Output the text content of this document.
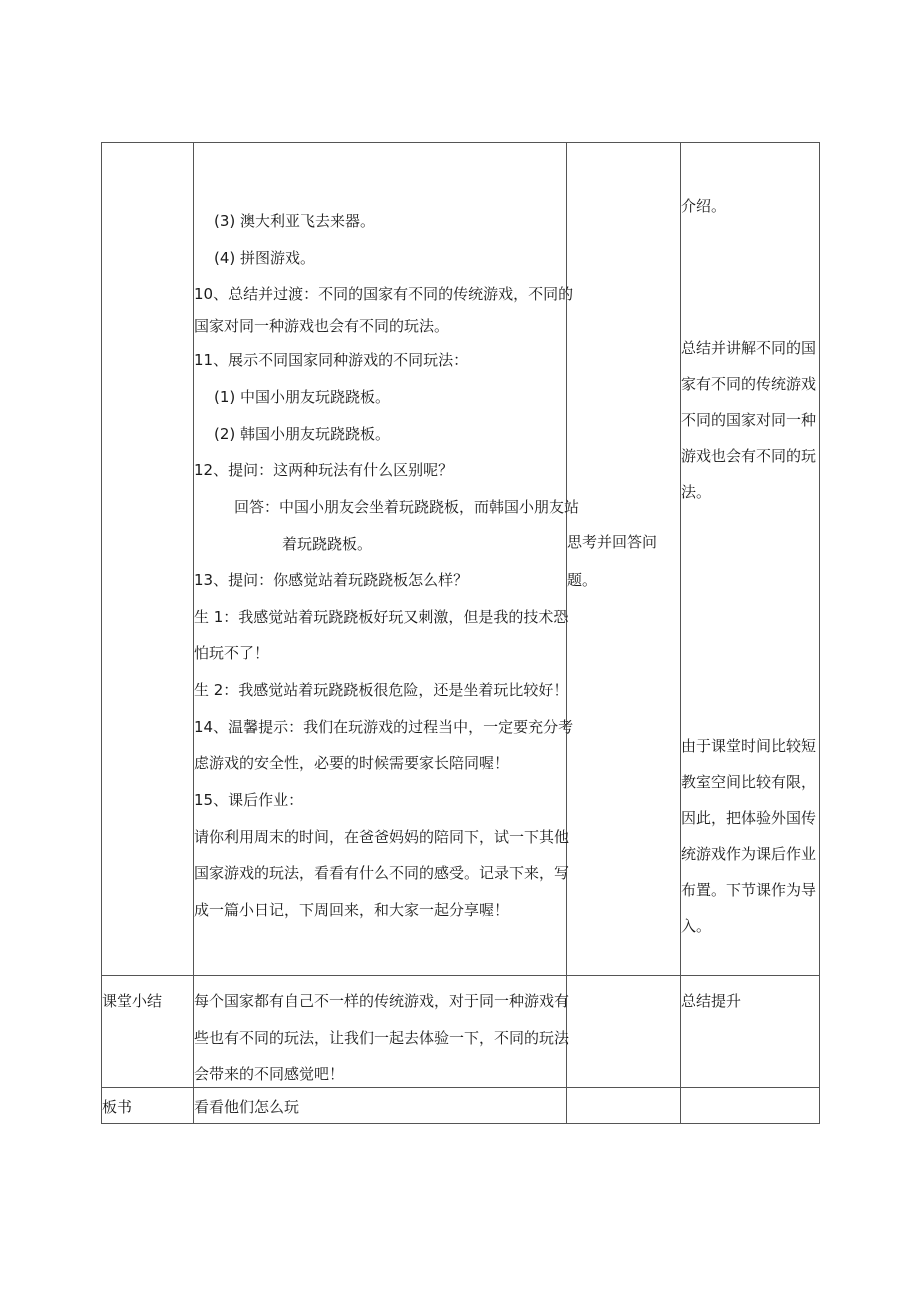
(3) 澳大利亚飞去来器。
(4) 拼图游戏。
10、总结并过渡：不同的国家有不同的传统游戏，不同的
国家对同一种游戏也会有不同的玩法。
11、展示不同国家同种游戏的不同玩法：
(1) 中国小朋友玩跷跷板。
(2) 韩国小朋友玩跷跷板。
12、提问：这两种玩法有什么区别呢？
回答：中国小朋友会坐着玩跷跷板，而韩国小朋友站
着玩跷跷板。
13、提问：你感觉站着玩跷跷板怎么样？
生 1：我感觉站着玩跷跷板好玩又刺激，但是我的技术恐
怕玩不了！
生 2：我感觉站着玩跷跷板很危险，还是坐着玩比较好！
14、温馨提示：我们在玩游戏的过程当中，一定要充分考
虑游戏的安全性，必要的时候需要家长陪同喔！
15、课后作业：
请你利用周末的时间，在爸爸妈妈的陪同下，试一下其他
国家游戏的玩法，看看有什么不同的感受。记录下来，写
成一篇小日记，下周回来，和大家一起分享喔！
思考并回答问
题。
介绍。
总结并讲解不同的国
家有不同的传统游戏
不同的国家对同一种
游戏也会有不同的玩
法。
由于课堂时间比较短
教室空间比较有限，
因此，把体验外国传
统游戏作为课后作业
布置。下节课作为导
入。
课堂小结 每个国家都有自己不一样的传统游戏，对于同一种游戏有
些也有不同的玩法，让我们一起去体验一下，不同的玩法
会带来的不同感觉吧！
总结提升
板书	看看他们怎么玩
